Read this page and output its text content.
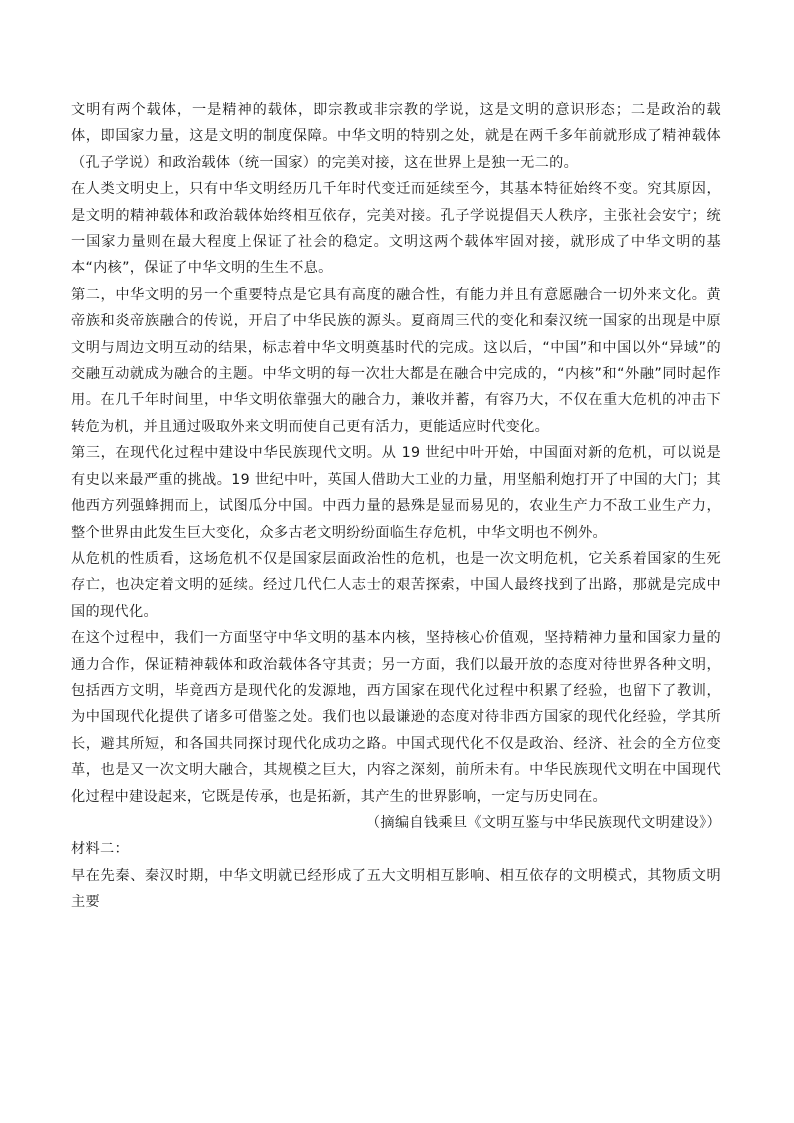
文明有两个载体，一是精神的载体，即宗教或非宗教的学说，这是文明的意识形态；二是政治的载体，即国家力量，这是文明的制度保障。中华文明的特别之处，就是在两千多年前就形成了精神载体（孔子学说）和政治载体（统一国家）的完美对接，这在世界上是独一无二的。

在人类文明史上，只有中华文明经历几千年时代变迁而延续至今，其基本特征始终不变。究其原因，是文明的精神载体和政治载体始终相互依存，完美对接。孔子学说提倡天人秩序，主张社会安宁；统一国家力量则在最大程度上保证了社会的稳定。文明这两个载体牢固对接，就形成了中华文明的基本“内核”，保证了中华文明的生生不息。

第二，中华文明的另一个重要特点是它具有高度的融合性，有能力并且有意愿融合一切外来文化。黄帝族和炎帝族融合的传说，开启了中华民族的源头。夏商周三代的变化和秦汉统一国家的出现是中原文明与周边文明互动的结果，标志着中华文明奠基时代的完成。这以后，“中国”和中国以外“异域”的交融互动就成为融合的主题。中华文明的每一次壮大都是在融合中完成的，“内核”和“外融”同时起作用。在几千年时间里，中华文明依靠强大的融合力，兼收并蓄，有容乃大，不仅在重大危机的冲击下转危为机，并且通过吸取外来文明而使自己更有活力，更能适应时代变化。

第三，在现代化过程中建设中华民族现代文明。从 19 世纪中叶开始，中国面对新的危机，可以说是有史以来最严重的挑战。19 世纪中叶，英国人借助大工业的力量，用坚船利炮打开了中国的大门；其他西方列强蜂拥而上，试图瓜分中国。中西力量的悬殊是显而易见的，农业生产力不敌工业生产力，整个世界由此发生巨大变化，众多古老文明纷纷面临生存危机，中华文明也不例外。

从危机的性质看，这场危机不仅是国家层面政治性的危机，也是一次文明危机，它关系着国家的生死存亡，也决定着文明的延续。经过几代仁人志士的艰苦探索，中国人最终找到了出路，那就是完成中国的现代化。

在这个过程中，我们一方面坚守中华文明的基本内核，坚持核心价值观，坚持精神力量和国家力量的通力合作，保证精神载体和政治载体各守其责；另一方面，我们以最开放的态度对待世界各种文明，包括西方文明，毕竟西方是现代化的发源地，西方国家在现代化过程中积累了经验，也留下了教训，为中国现代化提供了诸多可借鉴之处。我们也以最谦逊的态度对待非西方国家的现代化经验，学其所长，避其所短，和各国共同探讨现代化成功之路。中国式现代化不仅是政治、经济、社会的全方位变革，也是又一次文明大融合，其规模之巨大，内容之深刻，前所未有。中华民族现代文明在中国现代化过程中建设起来，它既是传承，也是拓新，其产生的世界影响，一定与历史同在。

（摘编自钱乘旦《文明互鉴与中华民族现代文明建设》）

材料二：

早在先秦、秦汉时期，中华文明就已经形成了五大文明相互影响、相互依存的文明模式，其物质文明主要
